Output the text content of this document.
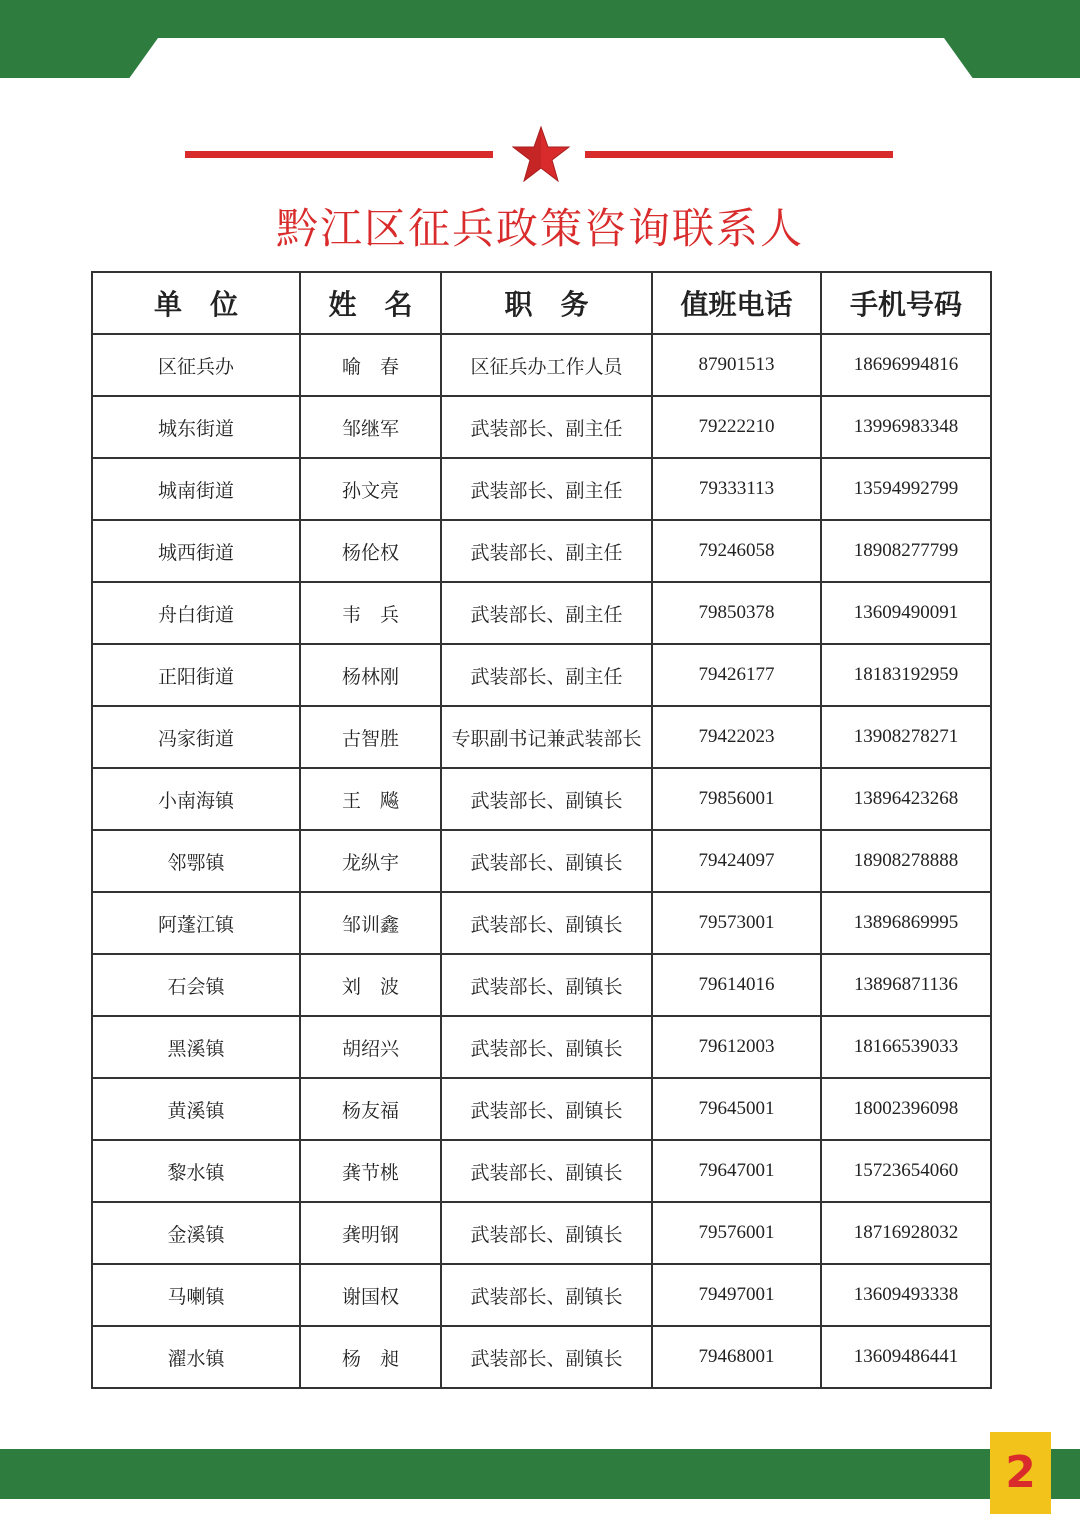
黔江区征兵政策咨询联系人
单　位	姓　名	职　务	值班电话	手机号码
区征兵办	喻　春	区征兵办工作人员	87901513	18696994816
城东街道	邹继军	武装部长、副主任	79222210	13996983348
城南街道	孙文亮	武装部长、副主任	79333113	13594992799
城西街道	杨伦权	武装部长、副主任	79246058	18908277799
舟白街道	韦　兵	武装部长、副主任	79850378	13609490091
正阳街道	杨林刚	武装部长、副主任	79426177	18183192959
冯家街道	古智胜	专职副书记兼武装部长	79422023	13908278271
小南海镇	王　飚	武装部长、副镇长	79856001	13896423268
邻鄂镇	龙纵宇	武装部长、副镇长	79424097	18908278888
阿蓬江镇	邹训鑫	武装部长、副镇长	79573001	13896869995
石会镇	刘　波	武装部长、副镇长	79614016	13896871136
黑溪镇	胡绍兴	武装部长、副镇长	79612003	18166539033
黄溪镇	杨友福	武装部长、副镇长	79645001	18002396098
黎水镇	龚节桃	武装部长、副镇长	79647001	15723654060
金溪镇	龚明钢	武装部长、副镇长	79576001	18716928032
马喇镇	谢国权	武装部长、副镇长	79497001	13609493338
濯水镇	杨　昶	武装部长、副镇长	79468001	13609486441
2
